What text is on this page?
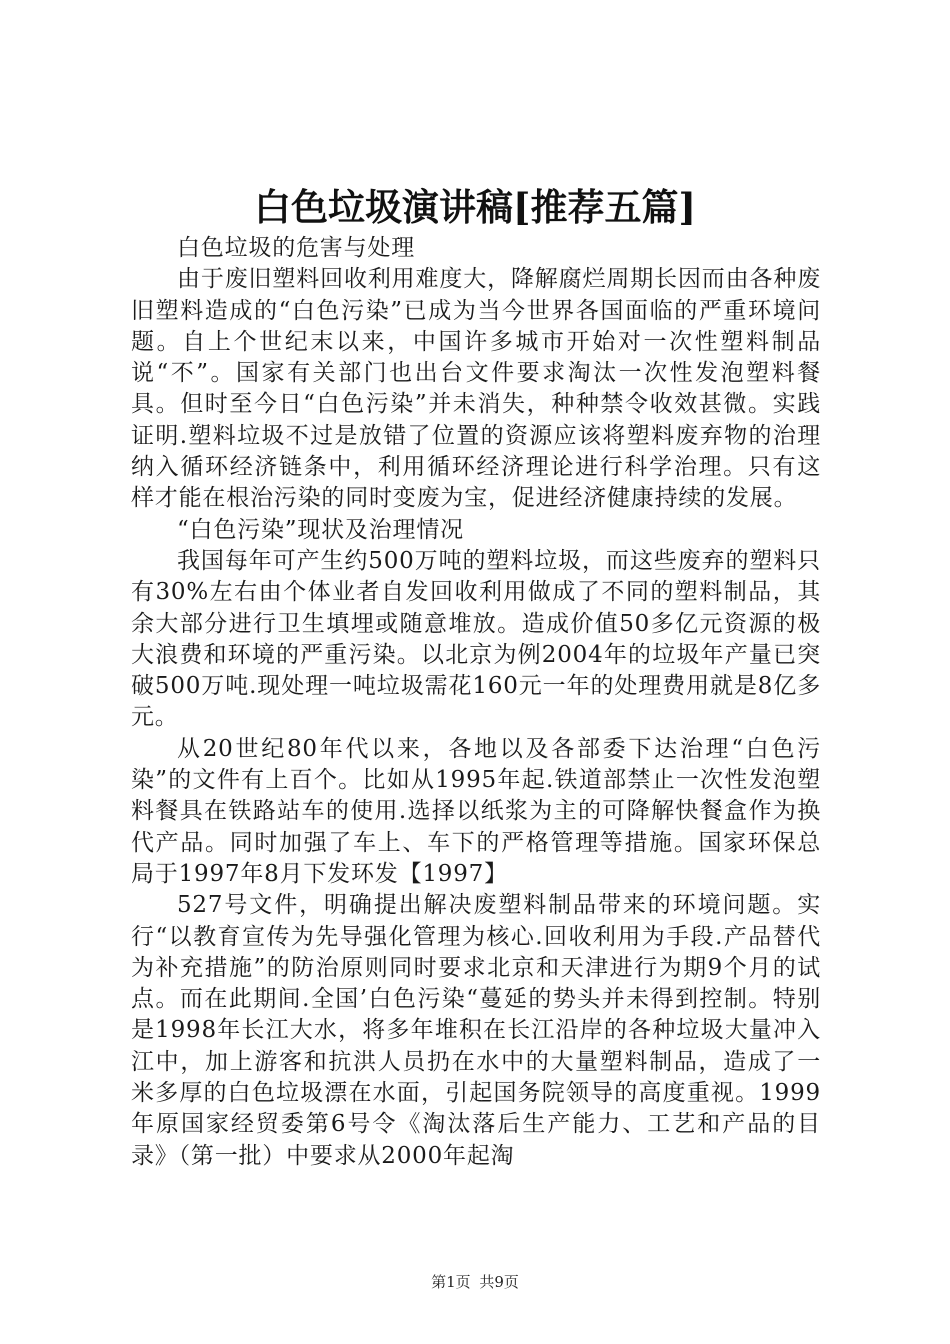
白色垃圾演讲稿[推荐五篇]

白色垃圾的危害与处理

由于废旧塑料回收利用难度大，降解腐烂周期长因而由各种废旧塑料造成的“白色污染”已成为当今世界各国面临的严重环境问题。自上个世纪末以来，中国许多城市开始对一次性塑料制品说“不”。国家有关部门也出台文件要求淘汰一次性发泡塑料餐具。但时至今日“白色污染”并未消失，种种禁令收效甚微。实践证明.塑料垃圾不过是放错了位置的资源应该将塑料废弃物的治理纳入循环经济链条中，利用循环经济理论进行科学治理。只有这样才能在根治污染的同时变废为宝，促进经济健康持续的发展。

“白色污染”现状及治理情况

我国每年可产生约500万吨的塑料垃圾，而这些废弃的塑料只有30%左右由个体业者自发回收利用做成了不同的塑料制品，其余大部分进行卫生填埋或随意堆放。造成价值50多亿元资源的极大浪费和环境的严重污染。以北京为例2004年的垃圾年产量已突破500万吨.现处理一吨垃圾需花160元一年的处理费用就是8亿多元。

从20世纪80年代以来，各地以及各部委下达治理“白色污染”的文件有上百个。比如从1995年起.铁道部禁止一次性发泡塑料餐具在铁路站车的使用.选择以纸浆为主的可降解快餐盒作为换代产品。同时加强了车上、车下的严格管理等措施。国家环保总局于1997年8月下发环发【1997】

527号文件，明确提出解决废塑料制品带来的环境问题。实行“以教育宣传为先导强化管理为核心.回收利用为手段.产品替代为补充措施”的防治原则同时要求北京和天津进行为期9个月的试点。而在此期间.全国’白色污染“蔓延的势头并未得到控制。特别是1998年长江大水，将多年堆积在长江沿岸的各种垃圾大量冲入江中，加上游客和抗洪人员扔在水中的大量塑料制品，造成了一米多厚的白色垃圾漂在水面，引起国务院领导的高度重视。1999年原国家经贸委第6号令《淘汰落后生产能力、工艺和产品的目录》（第一批）中要求从2000年起淘

第1页 共9页
